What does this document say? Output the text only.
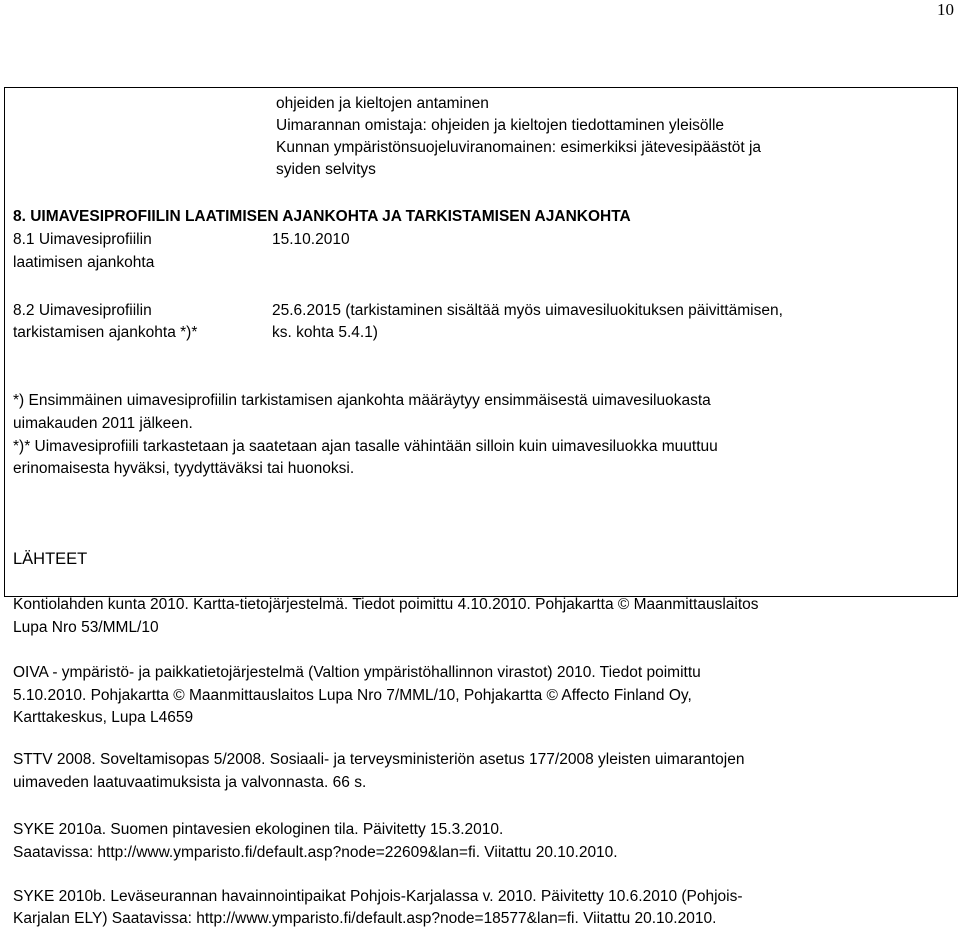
10
ohjeiden ja kieltojen antaminen
Uimarannan omistaja: ohjeiden ja kieltojen tiedottaminen yleisölle
Kunnan ympäristönsuojeluviranomainen: esimerkiksi jätevesipäästöt ja
syiden selvitys
8. UIMAVESIPROFIILIN LAATIMISEN AJANKOHTA JA TARKISTAMISEN AJANKOHTA
8.1 Uimavesiprofiilin
laatimisen ajankohta
15.10.2010
8.2 Uimavesiprofiilin
tarkistamisen ajankohta *)*
25.6.2015 (tarkistaminen sisältää myös uimavesiluokituksen päivittämisen,
ks. kohta 5.4.1)
*) Ensimmäinen uimavesiprofiilin tarkistamisen ajankohta määräytyy ensimmäisestä uimavesiluokasta
uimakauden 2011 jälkeen.
*)* Uimavesiprofiili tarkastetaan ja saatetaan ajan tasalle vähintään silloin kuin uimavesiluokka muuttuu
erinomaisesta hyväksi, tyydyttäväksi tai huonoksi.
LÄHTEET
Kontiolahden kunta 2010. Kartta-tietojärjestelmä. Tiedot poimittu 4.10.2010. Pohjakartta © Maanmittauslaitos
Lupa Nro 53/MML/10
OIVA - ympäristö- ja paikkatietojärjestelmä (Valtion ympäristöhallinnon virastot) 2010. Tiedot poimittu
5.10.2010. Pohjakartta © Maanmittauslaitos Lupa Nro 7/MML/10, Pohjakartta © Affecto Finland Oy,
Karttakeskus, Lupa L4659
STTV 2008. Soveltamisopas 5/2008. Sosiaali- ja terveysministeriön asetus 177/2008 yleisten uimarantojen
uimaveden laatuvaatimuksista ja valvonnasta. 66 s.
SYKE 2010a. Suomen pintavesien ekologinen tila. Päivitetty 15.3.2010.
Saatavissa: http://www.ymparisto.fi/default.asp?node=22609&lan=fi. Viitattu 20.10.2010.
SYKE 2010b. Leväseurannan havainnointipaikat Pohjois-Karjalassa v. 2010. Päivitetty 10.6.2010 (Pohjois-
Karjalan ELY) Saatavissa: http://www.ymparisto.fi/default.asp?node=18577&lan=fi. Viitattu 20.10.2010.
